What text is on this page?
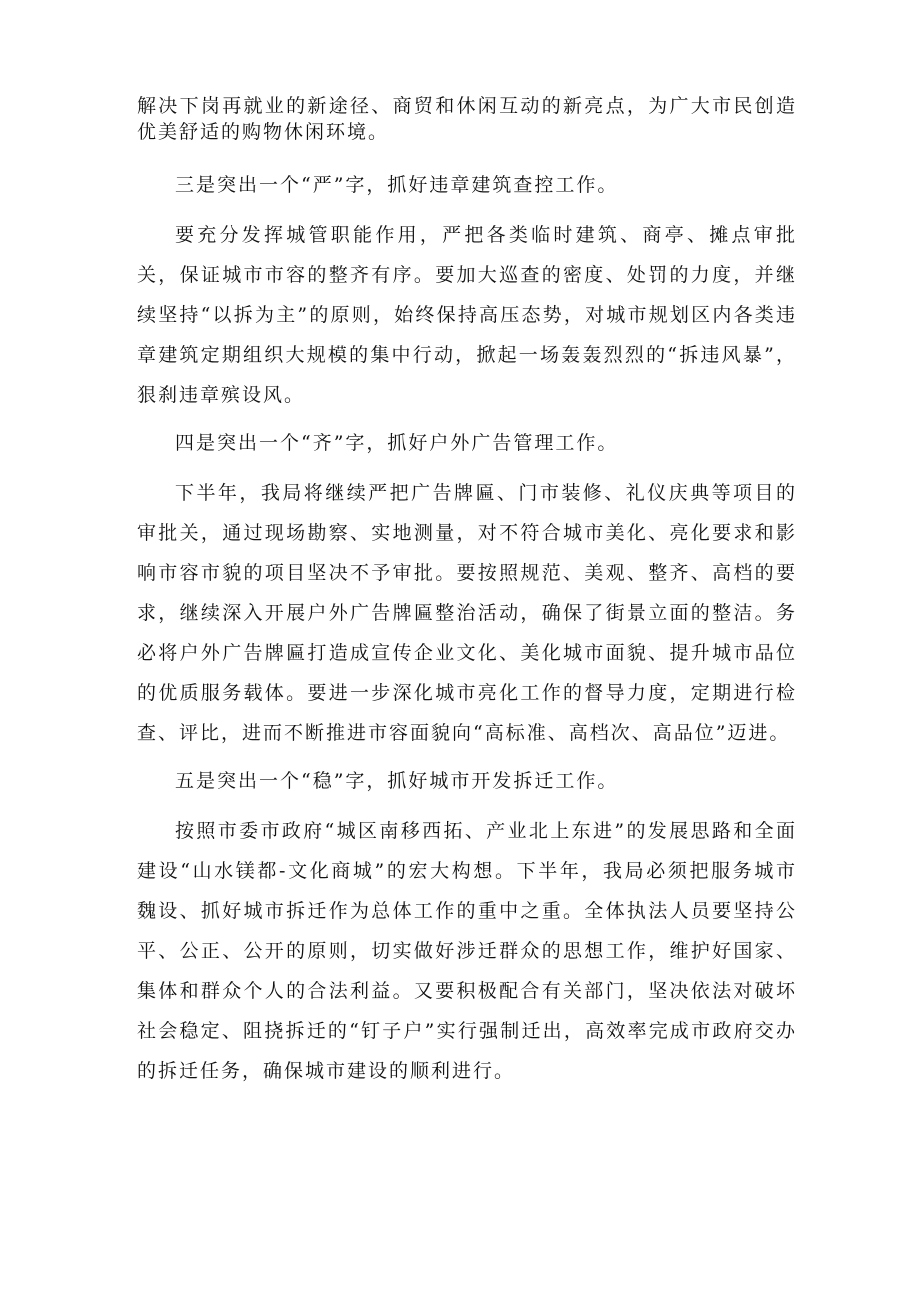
解决下岗再就业的新途径、商贸和休闲互动的新亮点，为广大市民创造优美舒适的购物休闲环境。

三是突出一个“严”字，抓好违章建筑查控工作。

要充分发挥城管职能作用，严把各类临时建筑、商亭、摊点审批关，保证城市市容的整齐有序。要加大巡查的密度、处罚的力度，并继续坚持“以拆为主”的原则，始终保持高压态势，对城市规划区内各类违章建筑定期组织大规模的集中行动，掀起一场轰轰烈烈的“拆违风暴”，狠刹违章殡设风。

四是突出一个“齐”字，抓好户外广告管理工作。

下半年，我局将继续严把广告牌匾、门市装修、礼仪庆典等项目的审批关，通过现场勘察、实地测量，对不符合城市美化、亮化要求和影响市容市貌的项目坚决不予审批。要按照规范、美观、整齐、高档的要求，继续深入开展户外广告牌匾整治活动，确保了街景立面的整洁。务必将户外广告牌匾打造成宣传企业文化、美化城市面貌、提升城市品位的优质服务载体。要进一步深化城市亮化工作的督导力度，定期进行检查、评比，进而不断推进市容面貌向“高标准、高档次、高品位”迈进。

五是突出一个“稳”字，抓好城市开发拆迁工作。

按照市委市政府“城区南移西拓、产业北上东进”的发展思路和全面建设“山水镁都-文化商城”的宏大构想。下半年，我局必须把服务城市魏设、抓好城市拆迁作为总体工作的重中之重。全体执法人员要坚持公平、公正、公开的原则，切实做好涉迁群众的思想工作，维护好国家、集体和群众个人的合法利益。又要积极配合有关部门，坚决依法对破坏社会稳定、阻挠拆迁的“钉子户”实行强制迁出，高效率完成市政府交办的拆迁任务，确保城市建设的顺利进行。
